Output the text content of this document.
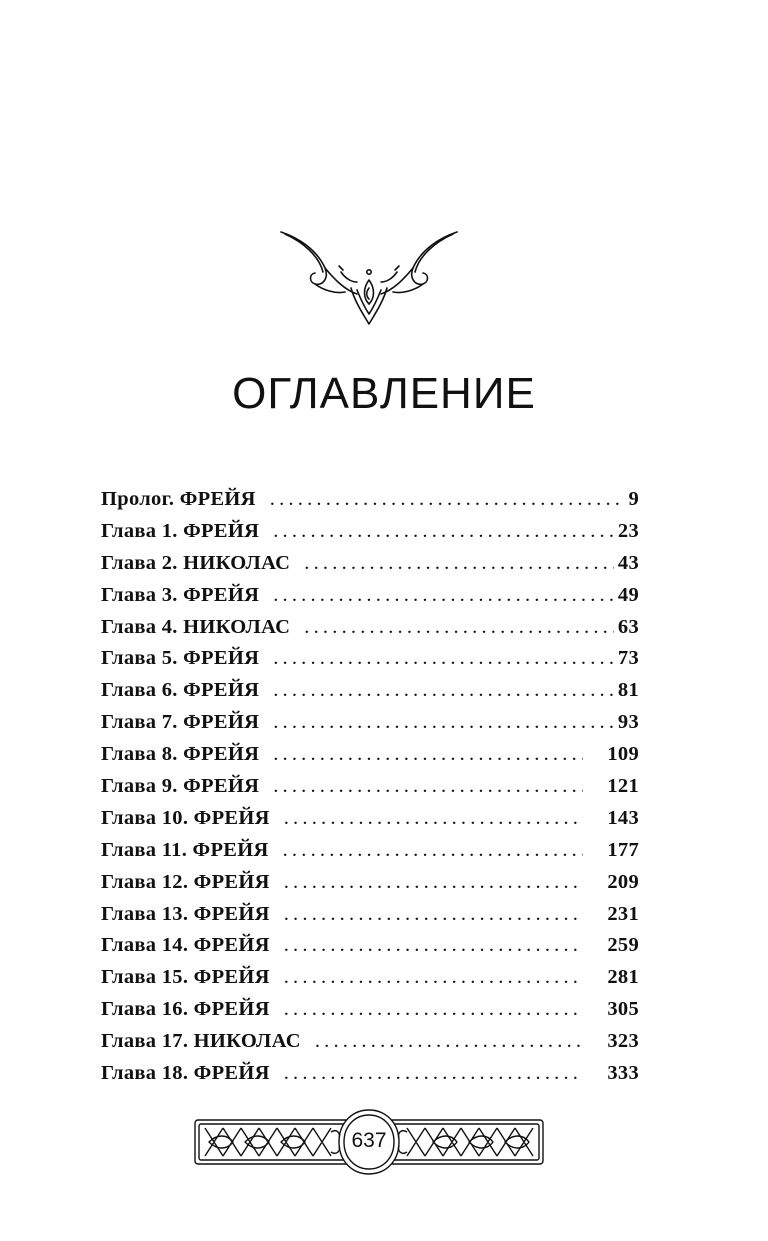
ОГЛАВЛЕНИЕ
Пролог. ФРЕЙЯ .....	9
Глава 1. ФРЕЙЯ .....	23
Глава 2. НИКОЛАС .....	43
Глава 3. ФРЕЙЯ .....	49
Глава 4. НИКОЛАС .....	63
Глава 5. ФРЕЙЯ .....	73
Глава 6. ФРЕЙЯ .....	81
Глава 7. ФРЕЙЯ .....	93
Глава 8. ФРЕЙЯ .....	109
Глава 9. ФРЕЙЯ .....	121
Глава 10. ФРЕЙЯ .....	143
Глава 11. ФРЕЙЯ .....	177
Глава 12. ФРЕЙЯ .....	209
Глава 13. ФРЕЙЯ .....	231
Глава 14. ФРЕЙЯ .....	259
Глава 15. ФРЕЙЯ .....	281
Глава 16. ФРЕЙЯ .....	305
Глава 17. НИКОЛАС .....	323
Глава 18. ФРЕЙЯ .....	333
637
